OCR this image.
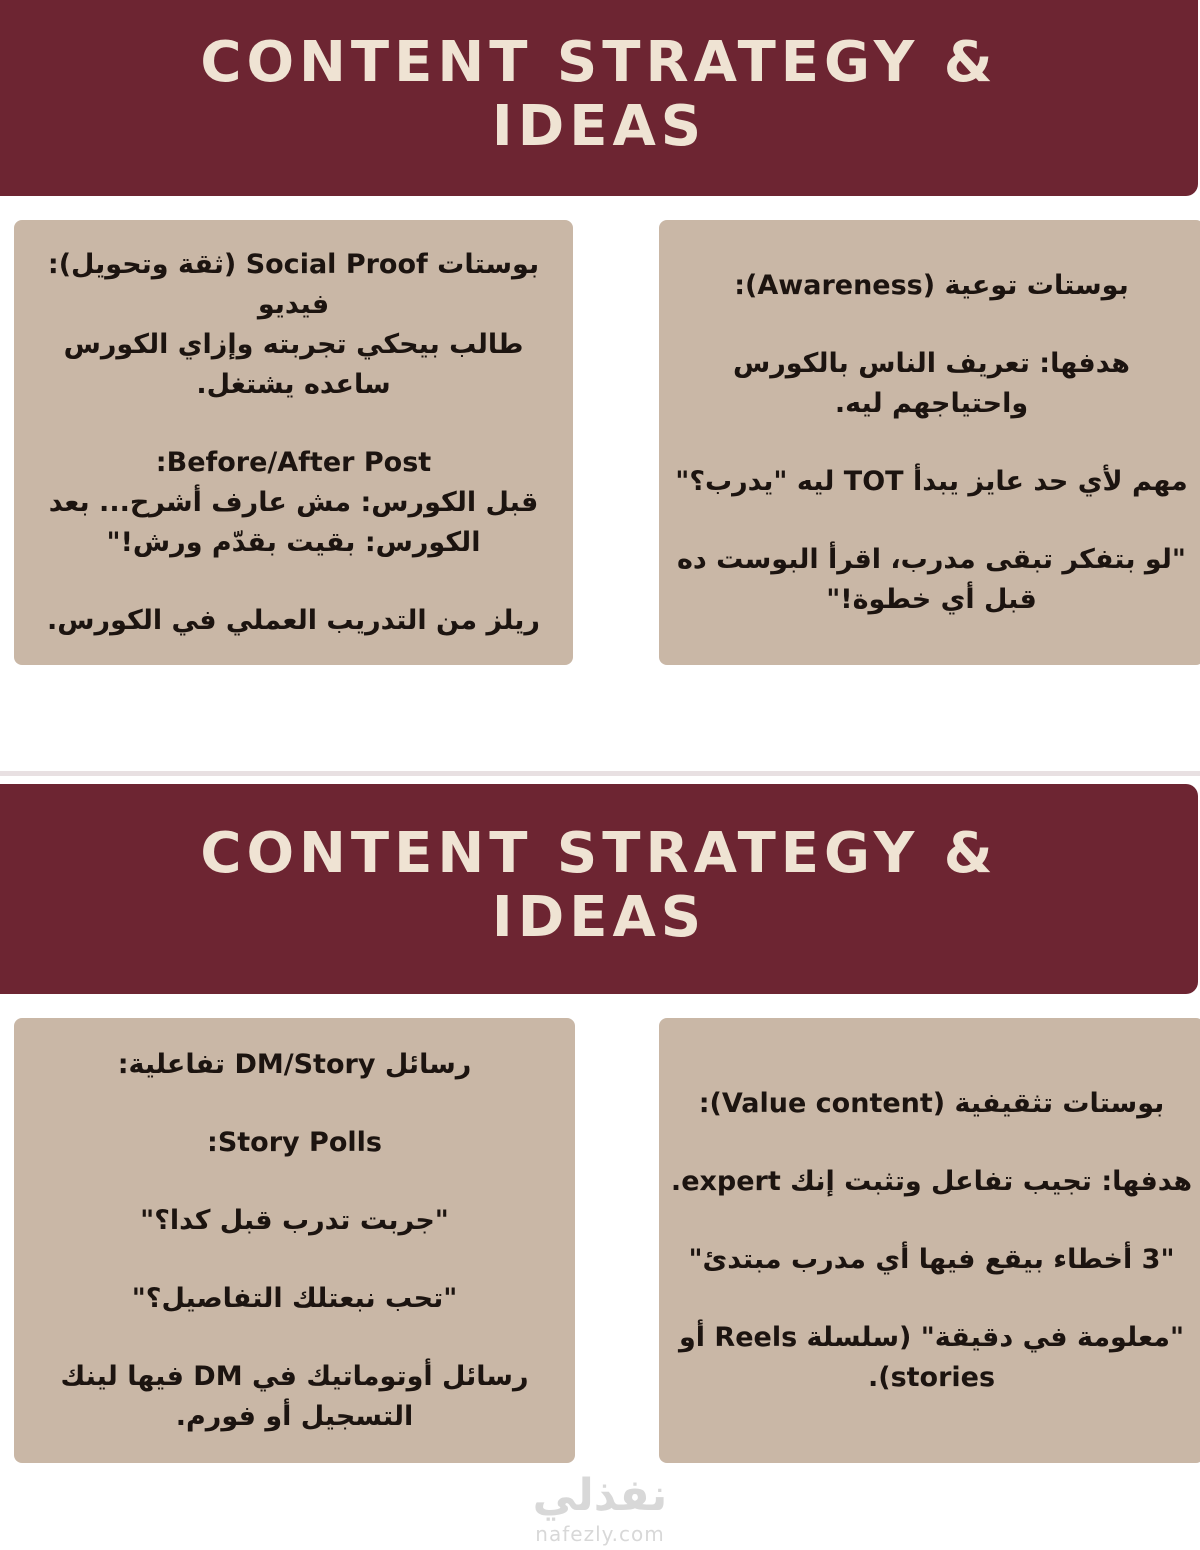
CONTENT STRATEGY & IDEAS

بوستات Social Proof (ثقة وتحويل):

فيديو

طالب بيحكي تجربته وإزاي الكورس ساعده يشتغل.

Before/After Post:

قبل الكورس: مش عارف أشرح... بعد الكورس: بقيت بقدّم ورش!"

ريلز من التدريب العملي في الكورس.

بوستات توعية (Awareness):

هدفها: تعريف الناس بالكورس واحتياجهم ليه.

مهم لأي حد عايز يبدأ TOT ليه "يدرب؟"

"لو بتفكر تبقى مدرب، اقرأ البوست ده قبل أي خطوة!"

CONTENT STRATEGY & IDEAS

رسائل DM/Story تفاعلية:

Story Polls:

"جربت تدرب قبل كدا؟"

"تحب نبعتلك التفاصيل؟"

رسائل أوتوماتيك في DM فيها لينك التسجيل أو فورم.

بوستات تثقيفية (Value content):

هدفها: تجيب تفاعل وتثبت إنك expert.

"3 أخطاء بيقع فيها أي مدرب مبتدئ"

"معلومة في دقيقة" (سلسلة Reels أو stories).

نفذلي
nafezly.com
